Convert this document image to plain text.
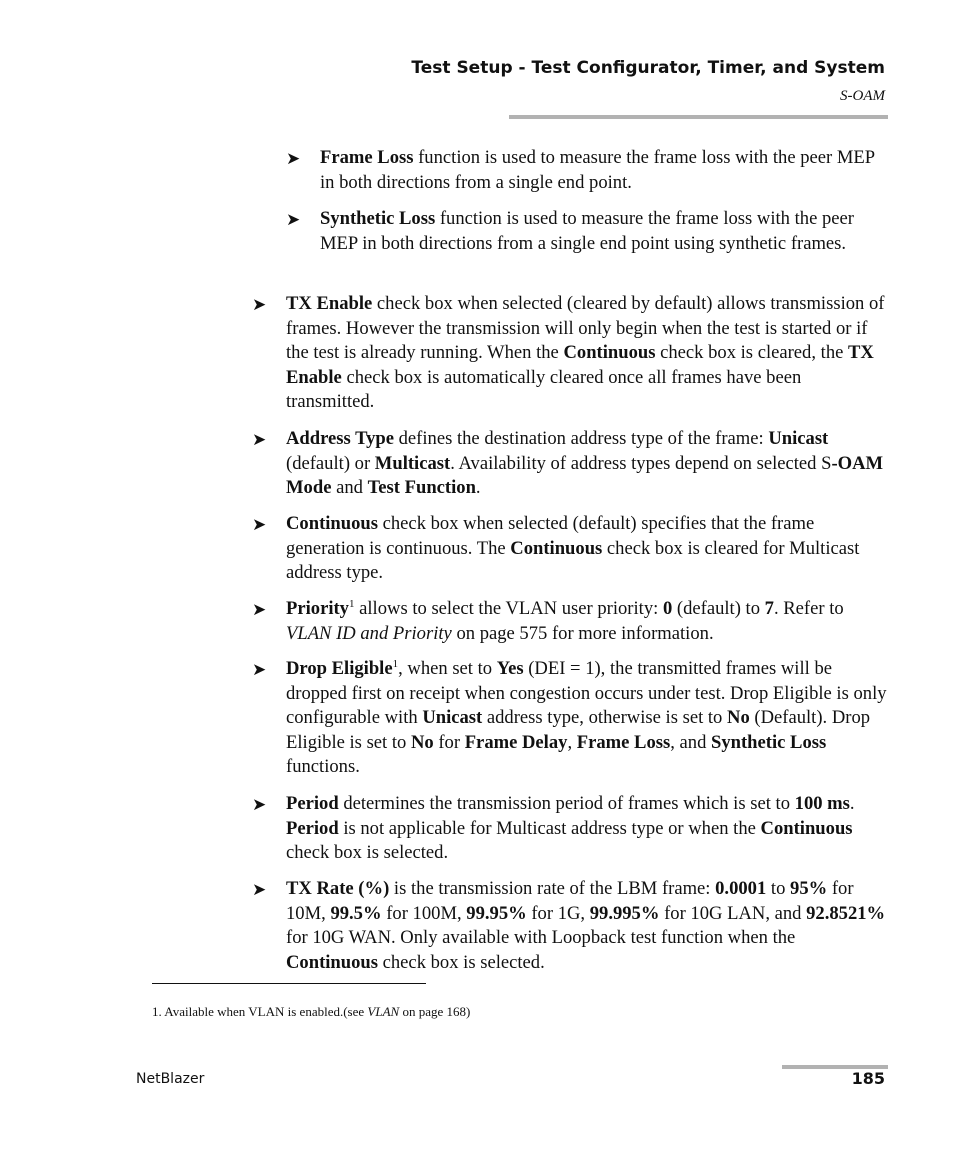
Test Setup - Test Configurator, Timer, and System
S-OAM
➤ Frame Loss function is used to measure the frame loss with the peer MEP in both directions from a single end point.
➤ Synthetic Loss function is used to measure the frame loss with the peer MEP in both directions from a single end point using synthetic frames.
➤ TX Enable check box when selected (cleared by default) allows transmission of frames. However the transmission will only begin when the test is started or if the test is already running. When the Continuous check box is cleared, the TX Enable check box is automatically cleared once all frames have been transmitted.
➤ Address Type defines the destination address type of the frame: Unicast (default) or Multicast. Availability of address types depend on selected S-OAM Mode and Test Function.
➤ Continuous check box when selected (default) specifies that the frame generation is continuous. The Continuous check box is cleared for Multicast address type.
➤ Priority$^1$ allows to select the VLAN user priority: 0 (default) to 7. Refer to VLAN ID and Priority on page 575 for more information.
➤ Drop Eligible$^1$, when set to Yes (DEI = 1), the transmitted frames will be dropped first on receipt when congestion occurs under test. Drop Eligible is only configurable with Unicast address type, otherwise is set to No (Default). Drop Eligible is set to No for Frame Delay, Frame Loss, and Synthetic Loss functions.
➤ Period determines the transmission period of frames which is set to 100 ms. Period is not applicable for Multicast address type or when the Continuous check box is selected.
➤ TX Rate (%) is the transmission rate of the LBM frame: 0.0001 to 95% for 10M, 99.5% for 100M, 99.95% for 1G, 99.995% for 10G LAN, and 92.8521% for 10G WAN. Only available with Loopback test function when the Continuous check box is selected.
1. Available when VLAN is enabled.(see VLAN on page 168)
NetBlazer	185
